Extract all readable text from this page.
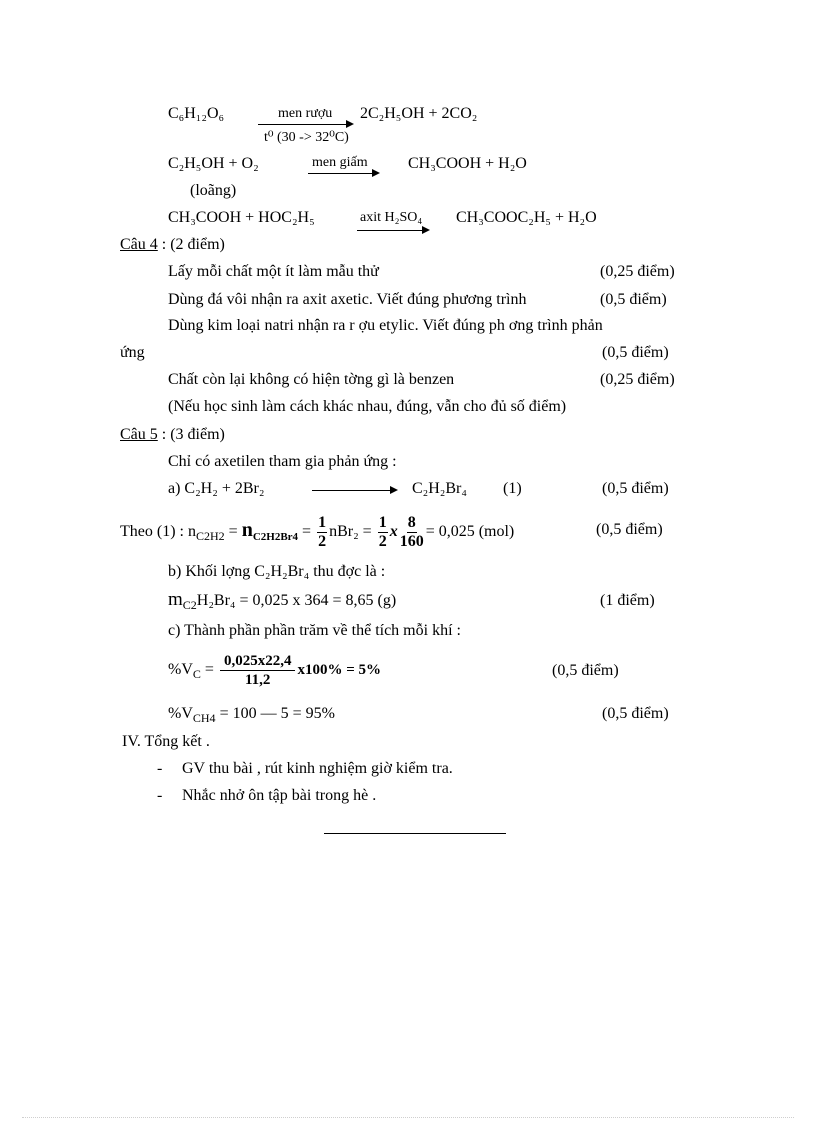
C₆H₁₂O₆	men rượu
t⁰ (30 -> 32⁰C)
2C₂H₅OH + 2CO₂
C₂H₅OH + O₂	men giấm	CH₃COOH + H₂O
(loãng)
CH₃COOH + HOC₂H₅	axit H₂SO₄ CH₃COOC₂H₅ + H₂O
Câu 4 : (2 điểm)
Lấy mỗi chất một ít làm mẫu thử	(0,25 điểm)
Dùng đá vôi nhận ra axit axetic. Viết đúng phương trình	(0,5 điểm)
Dùng kim loại natri nhận ra r ợu etylic. Viết đúng ph ơng trình phản
ứng	(0,5 điểm)
Chất còn lại không có hiện tờng gì là benzen	(0,25 điểm)
(Nếu học sinh làm cách khác nhau, đúng, vẫn cho đủ số điểm)
Câu 5 : (3 điểm)
Chỉ có axetilen tham gia phản ứng :
a) C₂H₂ + 2Br₂	C₂H₂Br₄ (1)	(0,5 điểm)
Theo (1) : $n_{C2H2} = n_{C2H2Br4} = \frac{1}{2} nBr_2 = \frac{1}{2}$ x $\frac{8}{160} = 0,025$ (mol)	(0,5 điểm)
b) Khối lợng C₂H₂Br₄ thu đợc là :
$m_{C2}H_2Br_4 = 0,025$ x 364 = 8,65 (g)	(1 điểm)
c) Thành phần phần trăm về thể tích mỗi khí :
$\%V_C = \frac{0,025x22,4}{11,2} x100\% = 5\%$	(0,5 điểm)
$\%V_{CH4} = 100$ — 5 = 95%	(0,5 điểm)
IV. Tổng kết .
- GV thu bài , rút kinh nghiệm giờ kiểm tra.
- Nhắc nhở ôn tập bài trong hè .
